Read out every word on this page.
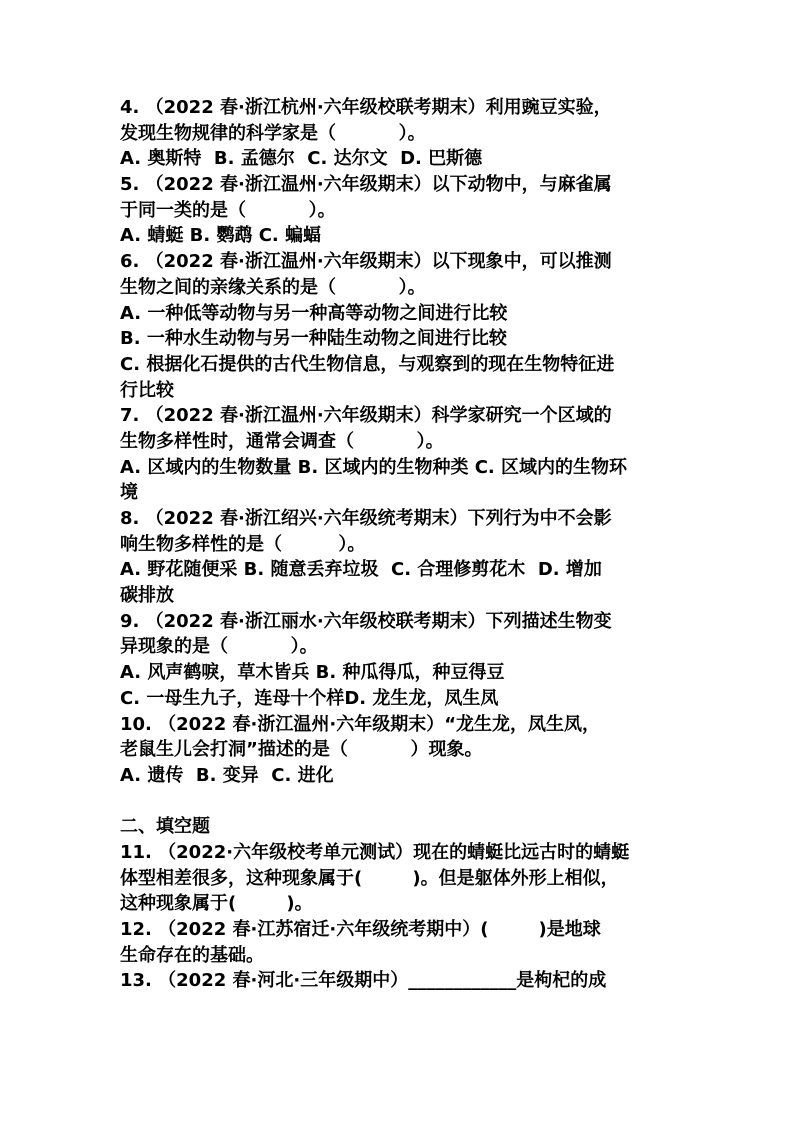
4. （2022 春·浙江杭州·六年级校联考期末）利用豌豆实验，
发现生物规律的科学家是（          ）。
A. 奥斯特  B. 孟德尔  C. 达尔文  D. 巴斯德
5. （2022 春·浙江温州·六年级期末）以下动物中，与麻雀属
于同一类的是（          ）。
A. 蜻蜓 B. 鹦鹉 C. 蝙蝠
6. （2022 春·浙江温州·六年级期末）以下现象中，可以推测
生物之间的亲缘关系的是（          ）。
A. 一种低等动物与另一种高等动物之间进行比较
B. 一种水生动物与另一种陆生动物之间进行比较
C. 根据化石提供的古代生物信息，与观察到的现在生物特征进
行比较
7. （2022 春·浙江温州·六年级期末）科学家研究一个区域的
生物多样性时，通常会调查（          ）。
A. 区域内的生物数量 B. 区域内的生物种类 C. 区域内的生物环
境
8. （2022 春·浙江绍兴·六年级统考期末）下列行为中不会影
响生物多样性的是（         ）。
A. 野花随便采 B. 随意丢弃垃圾  C. 合理修剪花木  D. 增加
碳排放
9. （2022 春·浙江丽水·六年级校联考期末）下列描述生物变
异现象的是（          ）。
A. 风声鹤唳，草木皆兵 B. 种瓜得瓜，种豆得豆
C. 一母生九子，连母十个样D. 龙生龙，凤生凤
10. （2022 春·浙江温州·六年级期末）“龙生龙，凤生凤，
老鼠生儿会打洞”描述的是（          ）现象。
A. 遗传  B. 变异  C. 进化
二、填空题
11. （2022·六年级校考单元测试）现在的蜻蜓比远古时的蜻蜓
体型相差很多，这种现象属于(        )。但是躯体外形上相似，
这种现象属于(        )。
12. （2022 春·江苏宿迁·六年级统考期中）(        )是地球
生命存在的基础。
13. （2022 春·河北·三年级期中）____________是枸杞的成
